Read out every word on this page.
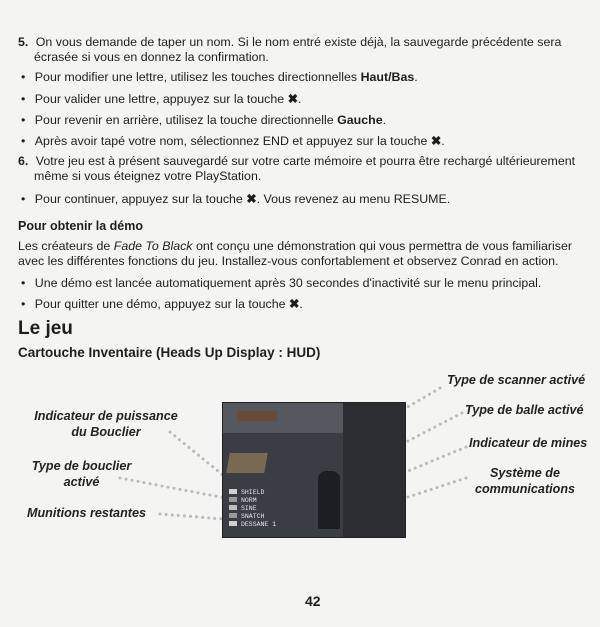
5. On vous demande de taper un nom. Si le nom entré existe déjà, la sauvegarde précédente sera
écrasée si vous en donnez la confirmation.
• Pour modifier une lettre, utilisez les touches directionnelles Haut/Bas.
• Pour valider une lettre, appuyez sur la touche ✖.
• Pour revenir en arrière, utilisez la touche directionnelle Gauche.
• Après avoir tapé votre nom, sélectionnez END et appuyez sur la touche ✖.
6. Votre jeu est à présent sauvegardé sur votre carte mémoire et pourra être rechargé ultérieurement
même si vous éteignez votre PlayStation.
• Pour continuer, appuyez sur la touche ✖. Vous revenez au menu RESUME.
Pour obtenir la démo
Les créateurs de Fade To Black ont conçu une démonstration qui vous permettra de vous familiariser
avec les différentes fonctions du jeu. Installez-vous confortablement et observez Conrad en action.
• Une démo est lancée automatiquement après 30 secondes d'inactivité sur le menu principal.
• Pour quitter une démo, appuyez sur la touche ✖.
Le jeu
Cartouche Inventaire (Heads Up Display : HUD)
SHIELD
NORM
SINE
SNATCH
DESSANE 1
Indicateur de puissance
du Bouclier
Type de bouclier
activé
Munitions restantes
Type de scanner activé
Type de balle activé
Indicateur de mines
Système de
communications
42
